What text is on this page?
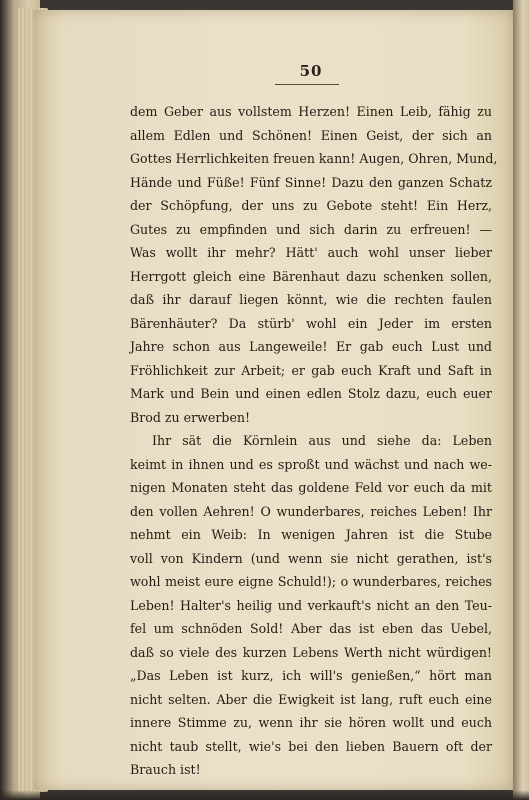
50
dem Geber aus vollstem Herzen! Einen Leib, fähig zu
allem Edlen und Schönen! Einen Geist, der sich an
Gottes Herrlichkeiten freuen kann! Augen, Ohren, Mund,
Hände und Füße! Fünf Sinne! Dazu den ganzen Schatz
der Schöpfung, der uns zu Gebote steht! Ein Herz,
Gutes zu empfinden und sich darin zu erfreuen! —
Was wollt ihr mehr? Hätt' auch wohl unser lieber
Herrgott gleich eine Bärenhaut dazu schenken sollen,
daß ihr darauf liegen könnt, wie die rechten faulen
Bärenhäuter? Da stürb' wohl ein Jeder im ersten
Jahre schon aus Langeweile! Er gab euch Lust und
Fröhlichkeit zur Arbeit; er gab euch Kraft und Saft in
Mark und Bein und einen edlen Stolz dazu, euch euer
Brod zu erwerben!
Ihr sät die Körnlein aus und siehe da: Leben
keimt in ihnen und es sproßt und wächst und nach we-
nigen Monaten steht das goldene Feld vor euch da mit
den vollen Aehren! O wunderbares, reiches Leben! Ihr
nehmt ein Weib: In wenigen Jahren ist die Stube
voll von Kindern (und wenn sie nicht gerathen, ist's
wohl meist eure eigne Schuld!); o wunderbares, reiches
Leben! Halter's heilig und verkauft's nicht an den Teu-
fel um schnöden Sold! Aber das ist eben das Uebel,
daß so viele des kurzen Lebens Werth nicht würdigen!
„Das Leben ist kurz, ich will's genießen,“ hört man
nicht selten. Aber die Ewigkeit ist lang, ruft euch eine
innere Stimme zu, wenn ihr sie hören wollt und euch
nicht taub stellt, wie's bei den lieben Bauern oft der
Brauch ist!
